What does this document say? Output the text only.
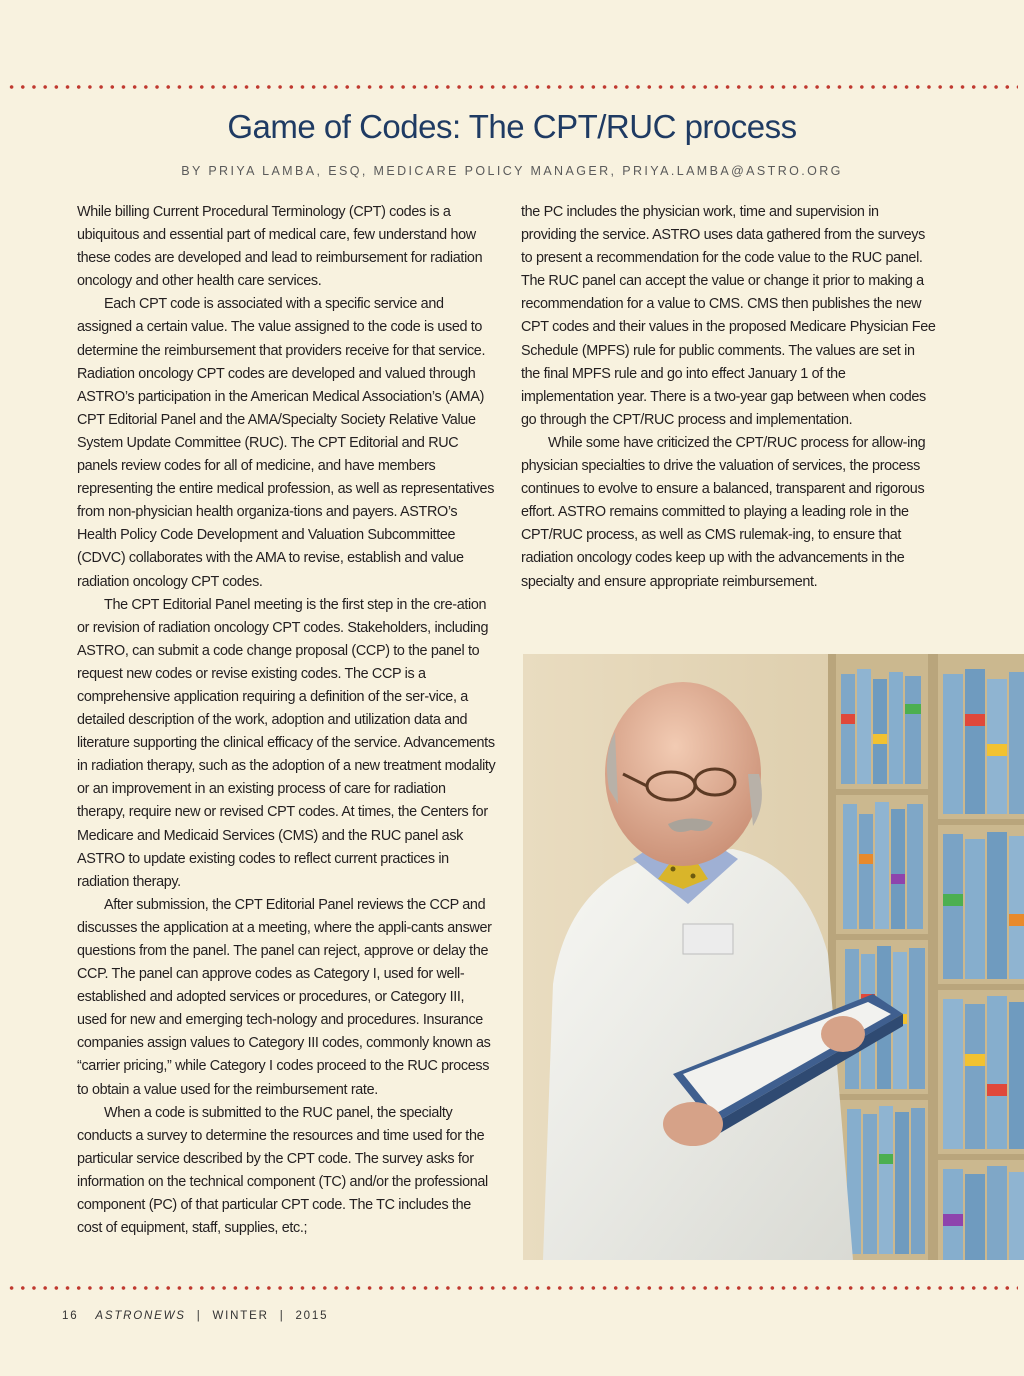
Game of Codes: The CPT/RUC process
BY PRIYA LAMBA, ESQ, MEDICARE POLICY MANAGER, PRIYA.LAMBA@ASTRO.ORG

While billing Current Procedural Terminology (CPT) codes is a ubiquitous and essential part of medical care, few understand how these codes are developed and lead to reimbursement for radiation oncology and other health care services.

Each CPT code is associated with a specific service and assigned a certain value. The value assigned to the code is used to determine the reimbursement that providers receive for that service. Radiation oncology CPT codes are developed and valued through ASTRO’s participation in the American Medical Association’s (AMA) CPT Editorial Panel and the AMA/Specialty Society Relative Value System Update Committee (RUC). The CPT Editorial and RUC panels review codes for all of medicine, and have members representing the entire medical profession, as well as representatives from non-physician health organiza-tions and payers. ASTRO’s Health Policy Code Development and Valuation Subcommittee (CDVC) collaborates with the AMA to revise, establish and value radiation oncology CPT codes.

The CPT Editorial Panel meeting is the first step in the cre-ation or revision of radiation oncology CPT codes. Stakeholders, including ASTRO, can submit a code change proposal (CCP) to the panel to request new codes or revise existing codes. The CCP is a comprehensive application requiring a definition of the ser-vice, a detailed description of the work, adoption and utilization data and literature supporting the clinical efficacy of the service. Advancements in radiation therapy, such as the adoption of a new treatment modality or an improvement in an existing process of care for radiation therapy, require new or revised CPT codes. At times, the Centers for Medicare and Medicaid Services (CMS) and the RUC panel ask ASTRO to update existing codes to reflect current practices in radiation therapy.

After submission, the CPT Editorial Panel reviews the CCP and discusses the application at a meeting, where the appli-cants answer questions from the panel. The panel can reject, approve or delay the CCP. The panel can approve codes as Category I, used for well-established and adopted services or procedures, or Category III, used for new and emerging tech-nology and procedures. Insurance companies assign values to Category III codes, commonly known as “carrier pricing,” while Category I codes proceed to the RUC process to obtain a value used for the reimbursement rate.

When a code is submitted to the RUC panel, the specialty conducts a survey to determine the resources and time used for the particular service described by the CPT code. The survey asks for information on the technical component (TC) and/or the professional component (PC) of that particular CPT code. The TC includes the cost of equipment, staff, supplies, etc.;

the PC includes the physician work, time and supervision in providing the service. ASTRO uses data gathered from the surveys to present a recommendation for the code value to the RUC panel. The RUC panel can accept the value or change it prior to making a recommendation for a value to CMS. CMS then publishes the new CPT codes and their values in the proposed Medicare Physician Fee Schedule (MPFS) rule for public comments. The values are set in the final MPFS rule and go into effect January 1 of the implementation year. There is a two-year gap between when codes go through the CPT/RUC process and implementation.

While some have criticized the CPT/RUC process for allow-ing physician specialties to drive the valuation of services, the process continues to evolve to ensure a balanced, transparent and rigorous effort. ASTRO remains committed to playing a leading role in the CPT/RUC process, as well as CMS rulemak-ing, to ensure that radiation oncology codes keep up with the advancements in the specialty and ensure appropriate reimbursement.

16 ASTRONEWS | WINTER | 2015
